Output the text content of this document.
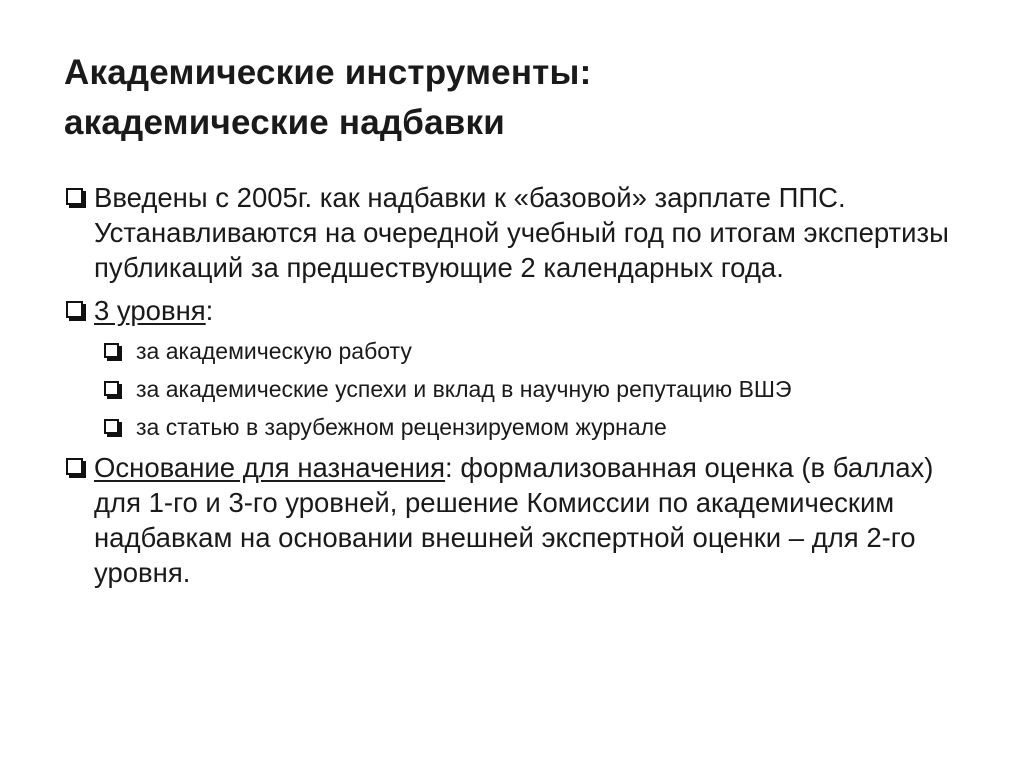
Академические инструменты:
академические надбавки
Введены с 2005г. как надбавки к «базовой» зарплате ППС. Устанавливаются на очередной учебный год по итогам экспертизы публикаций за предшествующие 2 календарных года.
3 уровня:
за академическую работу
за академические успехи и вклад в научную репутацию ВШЭ
за статью в зарубежном рецензируемом журнале
Основание для назначения: формализованная оценка (в баллах) для 1-го и 3-го уровней, решение Комиссии по академическим надбавкам на основании внешней экспертной оценки – для 2-го уровня.
